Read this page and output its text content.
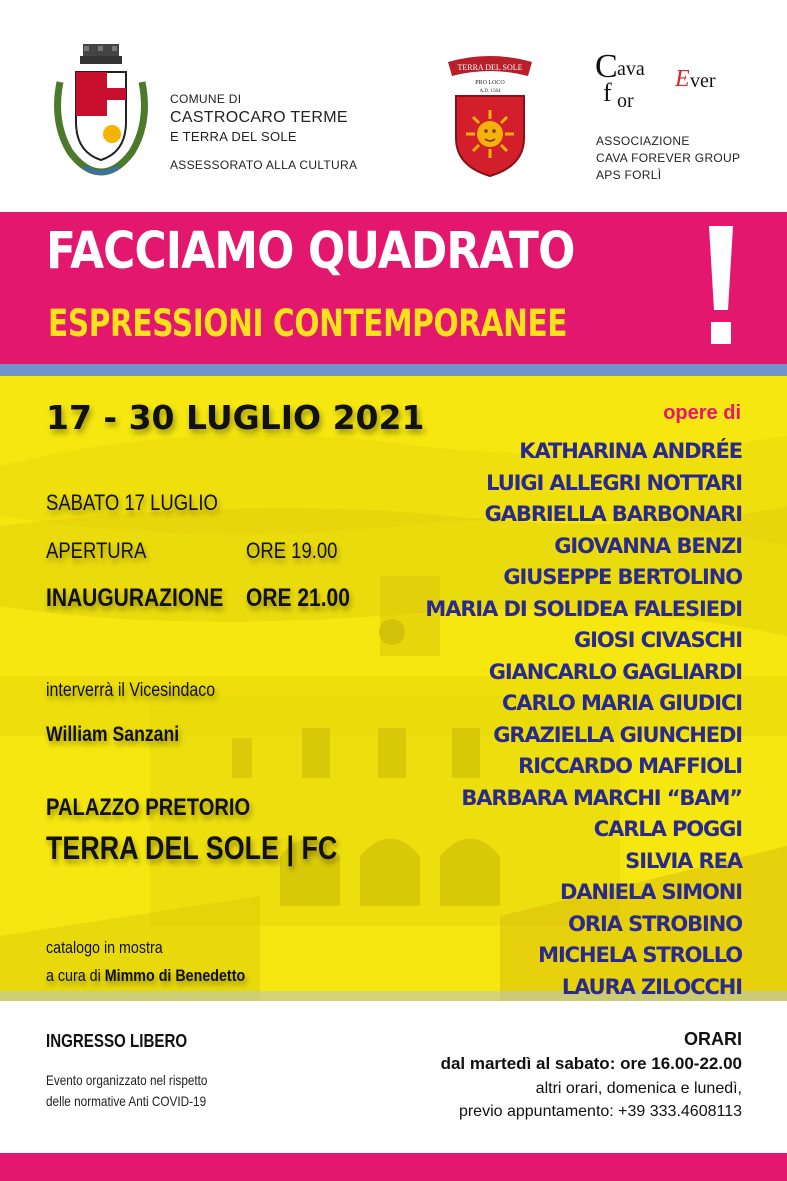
COMUNE DI
CASTROCARO TERME
E TERRA DEL SOLE
ASSESSORATO ALLA CULTURA
TERRA DEL SOLE
PRO LOCO
A.D. 1564
C ava
f or
E ver
ASSOCIAZIONE
CAVA FOREVER GROUP
APS FORLÌ
FACCIAMO QUADRATO
ESPRESSIONI CONTEMPORANEE
17 - 30 LUGLIO 2021
SABATO 17 LUGLIO
APERTURA	ORE 19.00
INAUGURAZIONE ORE 21.00
interverrà il Vicesindaco
William Sanzani
PALAZZO PRETORIO
TERRA DEL SOLE | FC
catalogo in mostra
a cura di Mimmo di Benedetto
opere di
KATHARINA ANDRÉE
LUIGI ALLEGRI NOTTARI
GABRIELLA BARBONARI
GIOVANNA BENZI
GIUSEPPE BERTOLINO
MARIA DI SOLIDEA FALESIEDI
GIOSI CIVASCHI
GIANCARLO GAGLIARDI
CARLO MARIA GIUDICI
GRAZIELLA GIUNCHEDI
RICCARDO MAFFIOLI
BARBARA MARCHI “BAM”
CARLA POGGI
SILVIA REA
DANIELA SIMONI
ORIA STROBINO
MICHELA STROLLO
LAURA ZILOCCHI
INGRESSO LIBERO
Evento organizzato nel rispetto
delle normative Anti COVID-19
ORARI
dal martedì al sabato: ore 16.00-22.00
altri orari, domenica e lunedì,
previo appuntamento: +39 333.4608113
